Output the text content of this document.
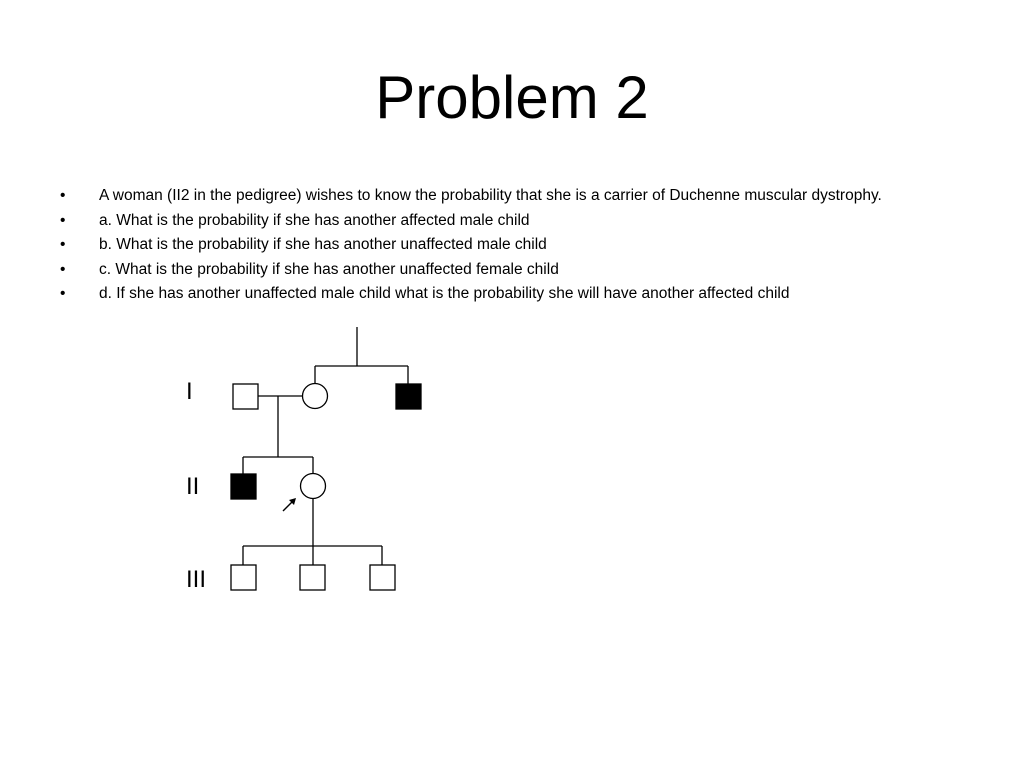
Problem 2
• A woman (II2 in the pedigree) wishes to know the probability that she is a carrier of Duchenne muscular dystrophy.
• a. What is the probability if she has another affected male child
• b. What is the probability if she has another unaffected male child
• c. What is the probability if she has another unaffected female child
• d. If she has another unaffected male child what is the probability she will have another affected child
I
II
III
